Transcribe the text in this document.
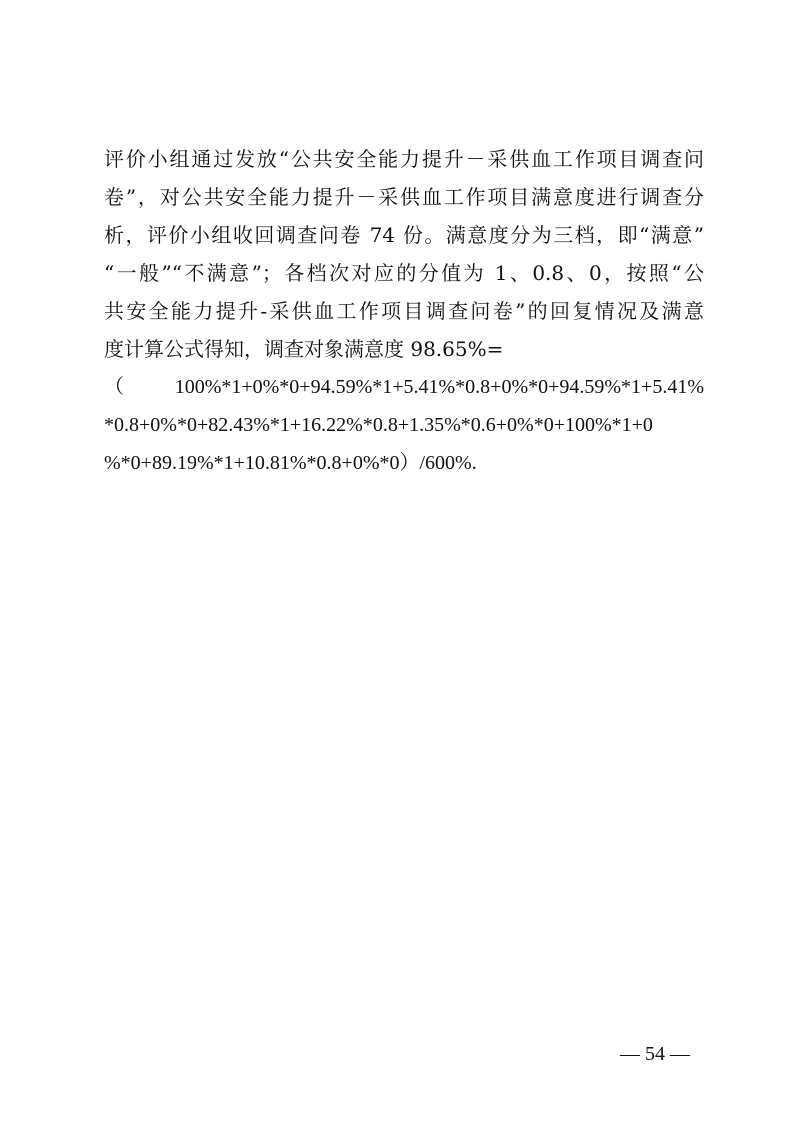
评价小组通过发放“公共安全能力提升－采供血工作项目调查问
卷”，对公共安全能力提升－采供血工作项目满意度进行调查分
析，评价小组收回调查问卷 74 份。满意度分为三档，即“满意”
“一般”“不满意”；各档次对应的分值为 1、0.8、0，按照“公
共安全能力提升-采供血工作项目调查问卷”的回复情况及满意
度计算公式得知，调查对象满意度 98.65%=
（100%*1+0%*0+94.59%*1+5.41%*0.8+0%*0+94.59%*1+5.41%
*0.8+0%*0+82.43%*1+16.22%*0.8+1.35%*0.6+0%*0+100%*1+0
%*0+89.19%*1+10.81%*0.8+0%*0）/600%.
— 54 —
